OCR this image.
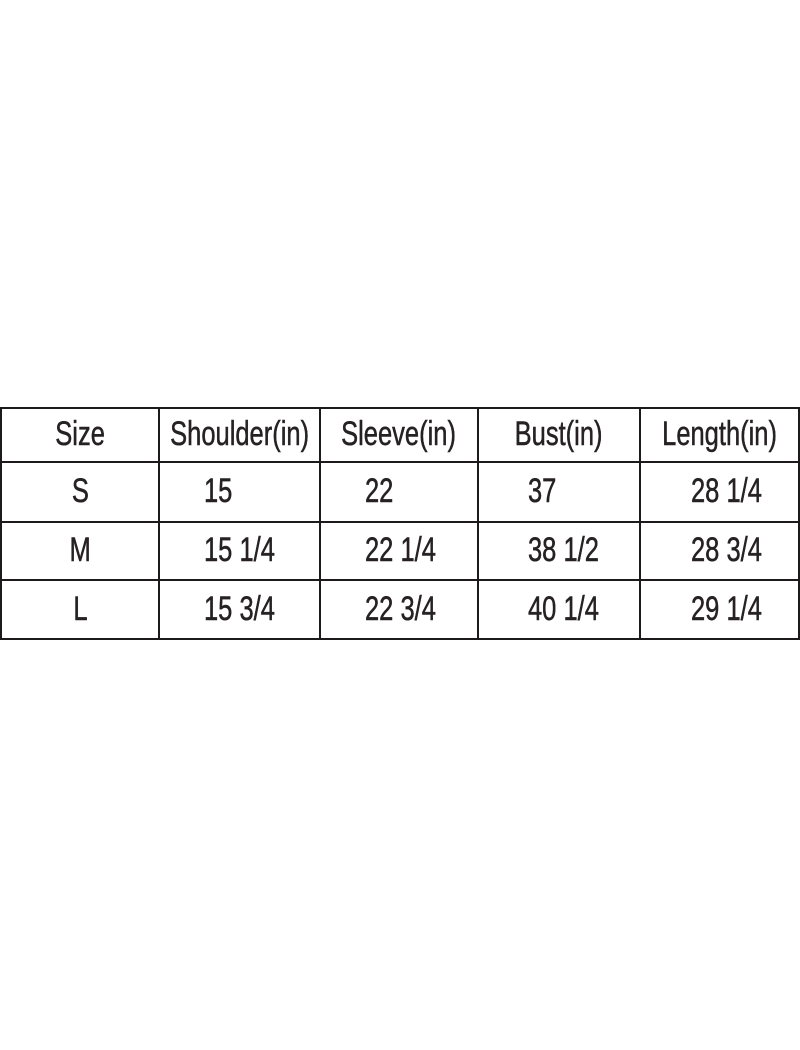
Size Shoulder(in) Sleeve(in) Bust(in) Length(in)
S	15	22	37	28 1/4
M	15 1/4	22 1/4	38 1/2	28 3/4
L	15 3/4	22 3/4	40 1/4	29 1/4
